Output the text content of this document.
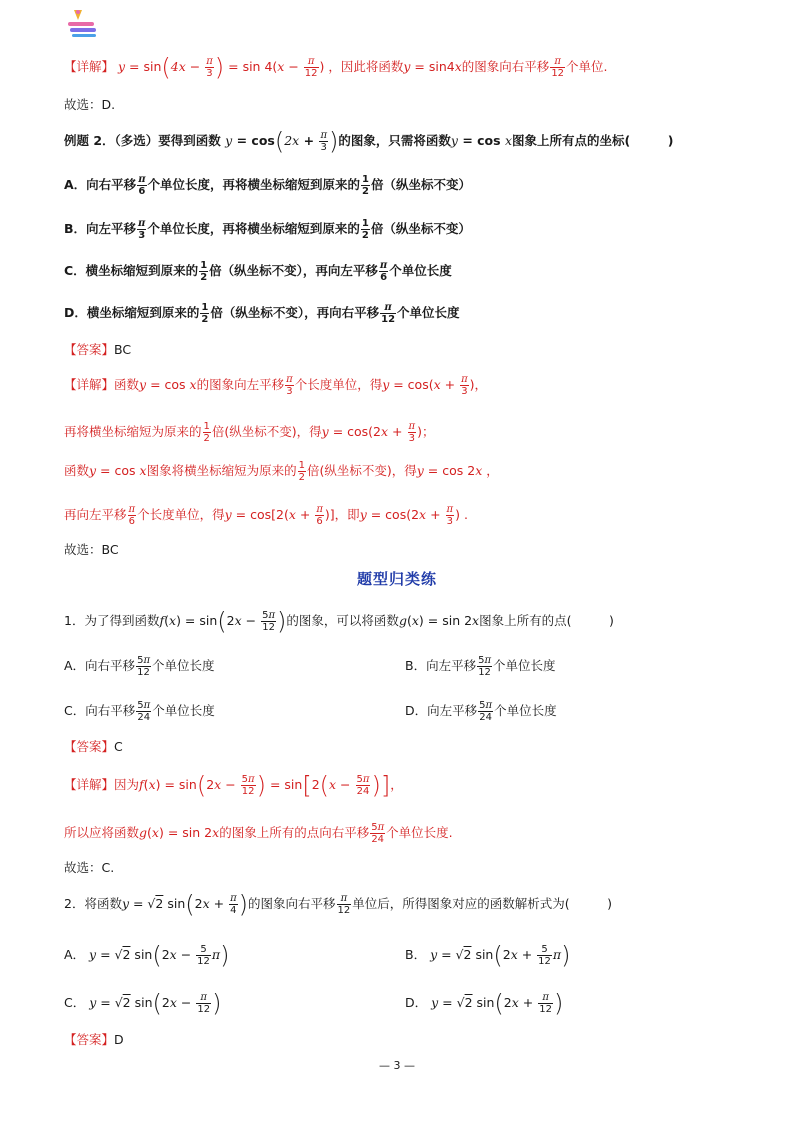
【详解】 $y = \sin(4x - \frac{\pi}{3}$ ) = $\sin 4(x - \frac{\pi}{12}$ ) ，因此将函数y = sin4x的图象向右平移 $\frac{\pi}{12}$ 个单位.
故选：D.
例题 2．（多选）要得到函数 $y = \cos(2x + \frac{\pi}{3}$ )的图象，只需将函数y = cos x图象上所有点的坐标(　　　)
A．向右平移 $\frac{\pi}{6}$ 个单位长度，再将横坐标缩短到原来的 $\frac{1}{2}$ 倍（纵坐标不变）
B．向左平移 $\frac{\pi}{3}$ 个单位长度，再将横坐标缩短到原来的 $\frac{1}{2}$ 倍（纵坐标不变）
C．横坐标缩短到原来的 $\frac{1}{2}$ 倍（纵坐标不变），再向左平移 $\frac{\pi}{6}$ 个单位长度
D．横坐标缩短到原来的 $\frac{1}{2}$ 倍（纵坐标不变），再向右平移 $\frac{\pi}{12}$ 个单位长度
【答案】BC
【详解】函数y = cos x的图象向左平移 $\frac{\pi}{3}$ 个长度单位，得$y = \cos(x + \frac{\pi}{3}$ )，
再将横坐标缩短为原来的 $\frac{1}{2}$ 倍(纵坐标不变)，得$y = \cos(2x + \frac{\pi}{3}$ )；
函数y = cos x图象将横坐标缩短为原来的 $\frac{1}{2}$ 倍(纵坐标不变)，得y = cos 2x ，
再向左平移 $\frac{\pi}{6}$ 个长度单位，得$y = \cos[2(x + \frac{\pi}{6}$ )]，即$y = \cos(2x + \frac{\pi}{3}$ ) .
故选：BC
题型归类练
1．为了得到函数$f(x) = \sin(2x - \frac{5\pi}{12}$ )的图象，可以将函数g(x) = sin 2x图象上所有的点(　　　)
A．向右平移 $\frac{5\pi}{12}$ 个单位长度	B．向左平移 $\frac{5\pi}{12}$ 个单位长度
C．向右平移 $\frac{5\pi}{24}$ 个单位长度	D．向左平移 $\frac{5\pi}{24}$ 个单位长度
【答案】C
【详解】因为$f(x) = \sin(2x - \frac{5\pi}{12}$ ) = $\sin[2(x - \frac{5\pi}{24}$ )]，
所以应将函数g(x) = sin 2x的图象上所有的点向右平移 $\frac{5\pi}{24}$ 个单位长度.
故选：C.
2．将函数y = √2 $\sin(2x + \frac{\pi}{4}$ )的图象向右平移 $\frac{\pi}{12}$ 单位后，所得图象对应的函数解析式为(　　　)
A． y = √2 $\sin(2x - \frac{5}{12} \pi)$	B． y = √2 $\sin(2x + \frac{5}{12} \pi)$
C． y = √2 $\sin(2x - \frac{\pi}{12}$ )	D． y = √2 $\sin(2x + \frac{\pi}{12}$ )
【答案】D
— 3 —
